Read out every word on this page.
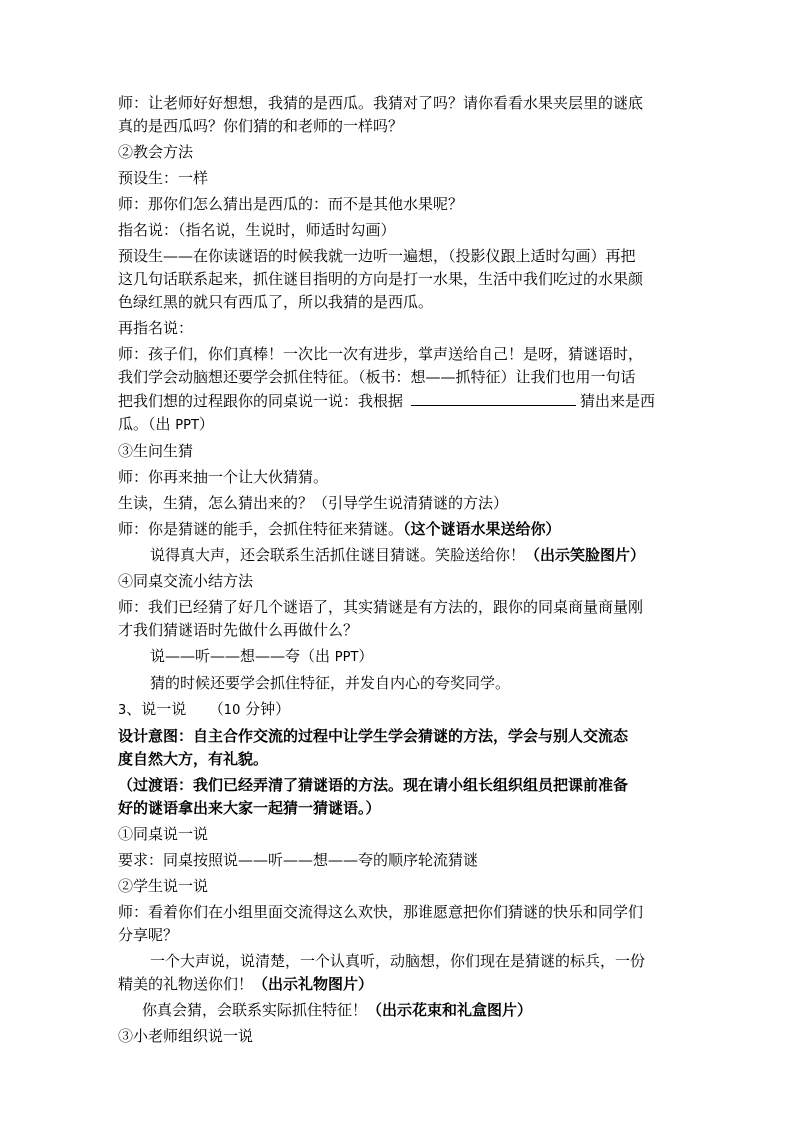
师：让老师好好想想，我猜的是西瓜。我猜对了吗？请你看看水果夹层里的谜底

真的是西瓜吗？你们猜的和老师的一样吗？

②教会方法

预设生：一样

师：那你们怎么猜出是西瓜的：而不是其他水果呢？

指名说：（指名说，生说时，师适时勾画）

预设生——在你读谜语的时候我就一边听一遍想，（投影仪跟上适时勾画）再把

这几句话联系起来，抓住谜目指明的方向是打一水果，生活中我们吃过的水果颜

色绿红黑的就只有西瓜了，所以我猜的是西瓜。

再指名说：

师：孩子们，你们真棒！一次比一次有进步，掌声送给自己！是呀，猜谜语时，

我们学会动脑想还要学会抓住特征。（板书：想——抓特征）让我们也用一句话

把我们想的过程跟你的同桌说一说：我根据	猜出来是西

瓜。（出 PPT）

③生问生猜

师：你再来抽一个让大伙猜猜。

生读，生猜，怎么猜出来的？（引导学生说清猜谜的方法）

师：你是猜谜的能手，会抓住特征来猜谜。（这个谜语水果送给你）

说得真大声，还会联系生活抓住谜目猜谜。笑脸送给你！（出示笑脸图片）

④同桌交流小结方法

师：我们已经猜了好几个谜语了，其实猜谜是有方法的，跟你的同桌商量商量刚

才我们猜谜语时先做什么再做什么？

说——听——想——夸（出 PPT）

猜的时候还要学会抓住特征，并发自内心的夸奖同学。

3、说一说　　（10 分钟）

设计意图：自主合作交流的过程中让学生学会猜谜的方法，学会与别人交流态

度自然大方，有礼貌。

（过渡语：我们已经弄清了猜谜语的方法。现在请小组长组织组员把课前准备

好的谜语拿出来大家一起猜一猜谜语。）

①同桌说一说

要求：同桌按照说——听——想——夸的顺序轮流猜谜

②学生说一说

师：看着你们在小组里面交流得这么欢快，那谁愿意把你们猜谜的快乐和同学们

分享呢？

一个大声说，说清楚，一个认真听，动脑想，你们现在是猜谜的标兵，一份

精美的礼物送你们！（出示礼物图片）

你真会猜，会联系实际抓住特征！（出示花束和礼盒图片）

③小老师组织说一说
